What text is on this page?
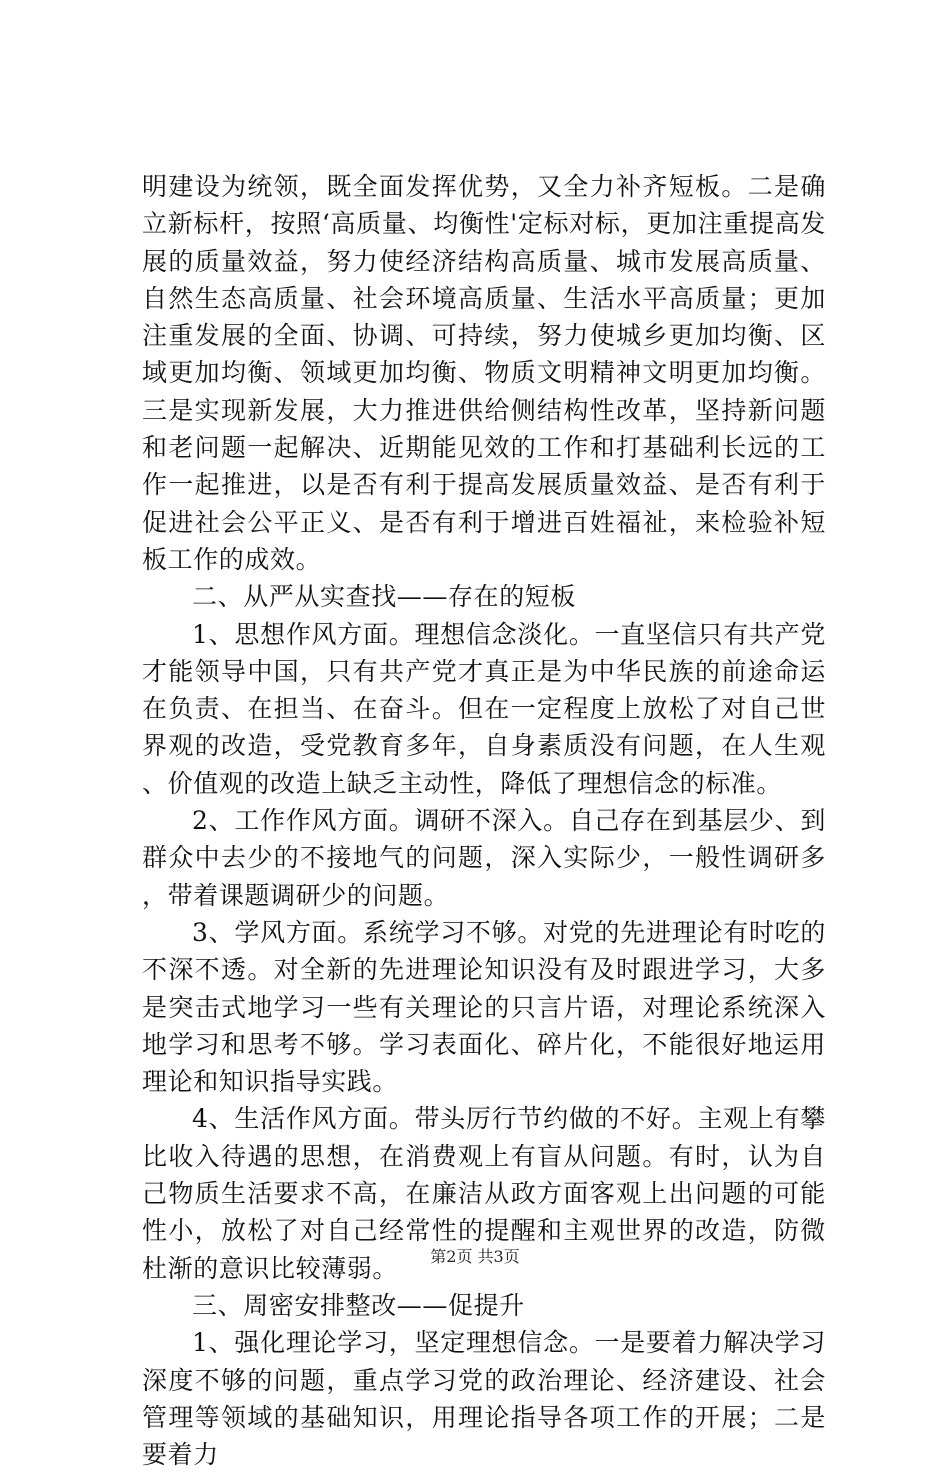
明建设为统领，既全面发挥优势，又全力补齐短板。二是确立新标杆，按照‘高质量、均衡性'定标对标，更加注重提高发展的质量效益，努力使经济结构高质量、城市发展高质量、自然生态高质量、社会环境高质量、生活水平高质量；更加注重发展的全面、协调、可持续，努力使城乡更加均衡、区域更加均衡、领域更加均衡、物质文明精神文明更加均衡。三是实现新发展，大力推进供给侧结构性改革，坚持新问题和老问题一起解决、近期能见效的工作和打基础利长远的工作一起推进，以是否有利于提高发展质量效益、是否有利于促进社会公平正义、是否有利于增进百姓福祉，来检验补短板工作的成效。

二、从严从实查找——存在的短板

1、思想作风方面。理想信念淡化。一直坚信只有共产党才能领导中国，只有共产党才真正是为中华民族的前途命运在负责、在担当、在奋斗。但在一定程度上放松了对自己世界观的改造，受党教育多年，自身素质没有问题，在人生观、价值观的改造上缺乏主动性，降低了理想信念的标准。

2、工作作风方面。调研不深入。自己存在到基层少、到群众中去少的不接地气的问题，深入实际少，一般性调研多，带着课题调研少的问题。

3、学风方面。系统学习不够。对党的先进理论有时吃的不深不透。对全新的先进理论知识没有及时跟进学习，大多是突击式地学习一些有关理论的只言片语，对理论系统深入地学习和思考不够。学习表面化、碎片化，不能很好地运用理论和知识指导实践。

4、生活作风方面。带头厉行节约做的不好。主观上有攀比收入待遇的思想，在消费观上有盲从问题。有时，认为自己物质生活要求不高，在廉洁从政方面客观上出问题的可能性小，放松了对自己经常性的提醒和主观世界的改造，防微杜渐的意识比较薄弱。

三、周密安排整改——促提升

1、强化理论学习，坚定理想信念。一是要着力解决学习深度不够的问题，重点学习党的政治理论、经济建设、社会管理等领域的基础知识，用理论指导各项工作的开展；二是要着力

第2页 共3页
